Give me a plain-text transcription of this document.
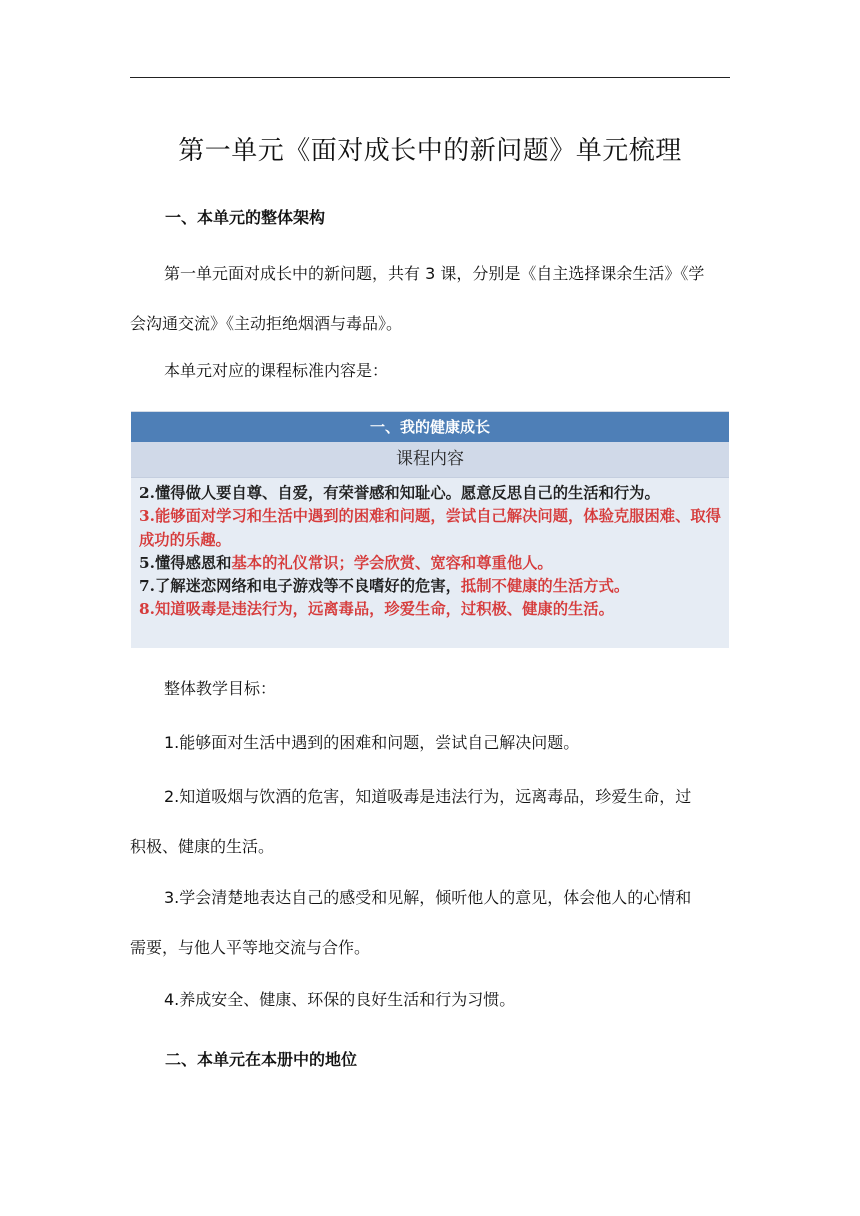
第一单元《面对成长中的新问题》单元梳理
一、本单元的整体架构
第一单元面对成长中的新问题，共有 3 课，分别是《自主选择课余生活》《学
会沟通交流》《主动拒绝烟酒与毒品》。
本单元对应的课程标准内容是：
一、我的健康成长
课程内容
2.懂得做人要自尊、自爱，有荣誉感和知耻心。愿意反思自己的生活和行为。
3.能够面对学习和生活中遇到的困难和问题，尝试自己解决问题，体验克服困难、取得成功的乐趣。
5.懂得感恩和基本的礼仪常识；学会欣赏、宽容和尊重他人。
7.了解迷恋网络和电子游戏等不良嗜好的危害，抵制不健康的生活方式。
8.知道吸毒是违法行为，远离毒品，珍爱生命，过积极、健康的生活。
整体教学目标：
1.能够面对生活中遇到的困难和问题，尝试自己解决问题。
2.知道吸烟与饮酒的危害，知道吸毒是违法行为，远离毒品，珍爱生命，过
积极、健康的生活。
3.学会清楚地表达自己的感受和见解，倾听他人的意见，体会他人的心情和
需要，与他人平等地交流与合作。
4.养成安全、健康、环保的良好生活和行为习惯。
二、本单元在本册中的地位
